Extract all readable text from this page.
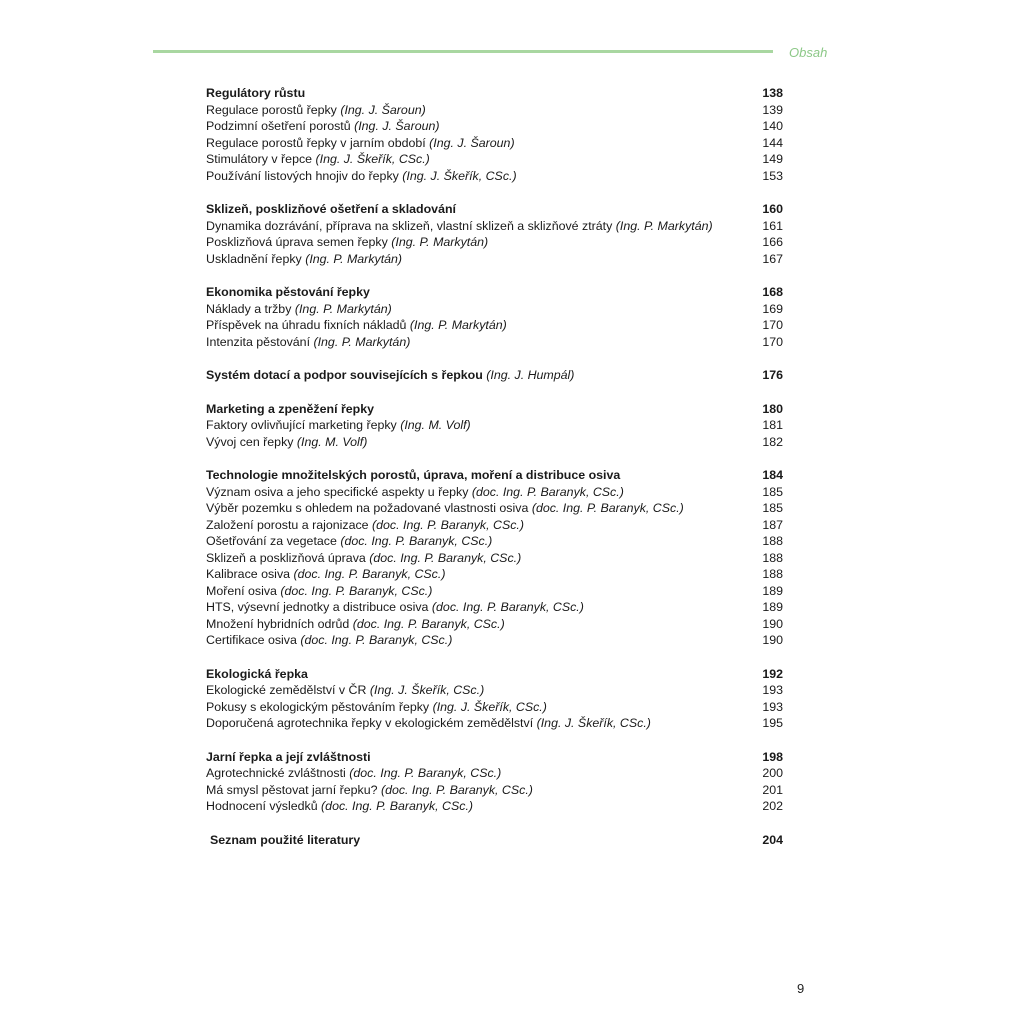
Obsah
Regulátory růstu	138
Regulace porostů řepky (Ing. J. Šaroun)	139
Podzimní ošetření porostů (Ing. J. Šaroun)	140
Regulace porostů řepky v jarním období (Ing. J. Šaroun)	144
Stimulátory v řepce (Ing. J. Škeřík, CSc.)	149
Používání listových hnojiv do řepky (Ing. J. Škeřík, CSc.)	153
Sklizeň, posklizňové ošetření a skladování	160
Dynamika dozrávání, příprava na sklizeň, vlastní sklizeň a sklizňové ztráty (Ing. P. Markytán)	161
Posklizňová úprava semen řepky (Ing. P. Markytán)	166
Uskladnění řepky (Ing. P. Markytán)	167
Ekonomika pěstování řepky	168
Náklady a tržby (Ing. P. Markytán)	169
Příspěvek na úhradu fixních nákladů (Ing. P. Markytán)	170
Intenzita pěstování (Ing. P. Markytán)	170
Systém dotací a podpor souvisejících s řepkou (Ing. J. Humpál)	176
Marketing a zpeněžení řepky	180
Faktory ovlivňující marketing řepky (Ing. M. Volf)	181
Vývoj cen řepky (Ing. M. Volf)	182
Technologie množitelských porostů, úprava, moření a distribuce osiva	184
Význam osiva a jeho specifické aspekty u řepky (doc. Ing. P. Baranyk, CSc.)	185
Výběr pozemku s ohledem na požadované vlastnosti osiva (doc. Ing. P. Baranyk, CSc.)	185
Založení porostu a rajonizace (doc. Ing. P. Baranyk, CSc.)	187
Ošetřování za vegetace (doc. Ing. P. Baranyk, CSc.)	188
Sklizeň a posklizňová úprava (doc. Ing. P. Baranyk, CSc.)	188
Kalibrace osiva (doc. Ing. P. Baranyk, CSc.)	188
Moření osiva (doc. Ing. P. Baranyk, CSc.)	189
HTS, výsevní jednotky a distribuce osiva (doc. Ing. P. Baranyk, CSc.)	189
Množení hybridních odrůd (doc. Ing. P. Baranyk, CSc.)	190
Certifikace osiva (doc. Ing. P. Baranyk, CSc.)	190
Ekologická řepka	192
Ekologické zemědělství v ČR (Ing. J. Škeřík, CSc.)	193
Pokusy s ekologickým pěstováním řepky (Ing. J. Škeřík, CSc.)	193
Doporučená agrotechnika řepky v ekologickém zemědělství (Ing. J. Škeřík, CSc.)	195
Jarní řepka a její zvláštnosti	198
Agrotechnické zvláštnosti (doc. Ing. P. Baranyk, CSc.)	200
Má smysl pěstovat jarní řepku? (doc. Ing. P. Baranyk, CSc.)	201
Hodnocení výsledků (doc. Ing. P. Baranyk, CSc.)	202
Seznam použité literatury	204
9
